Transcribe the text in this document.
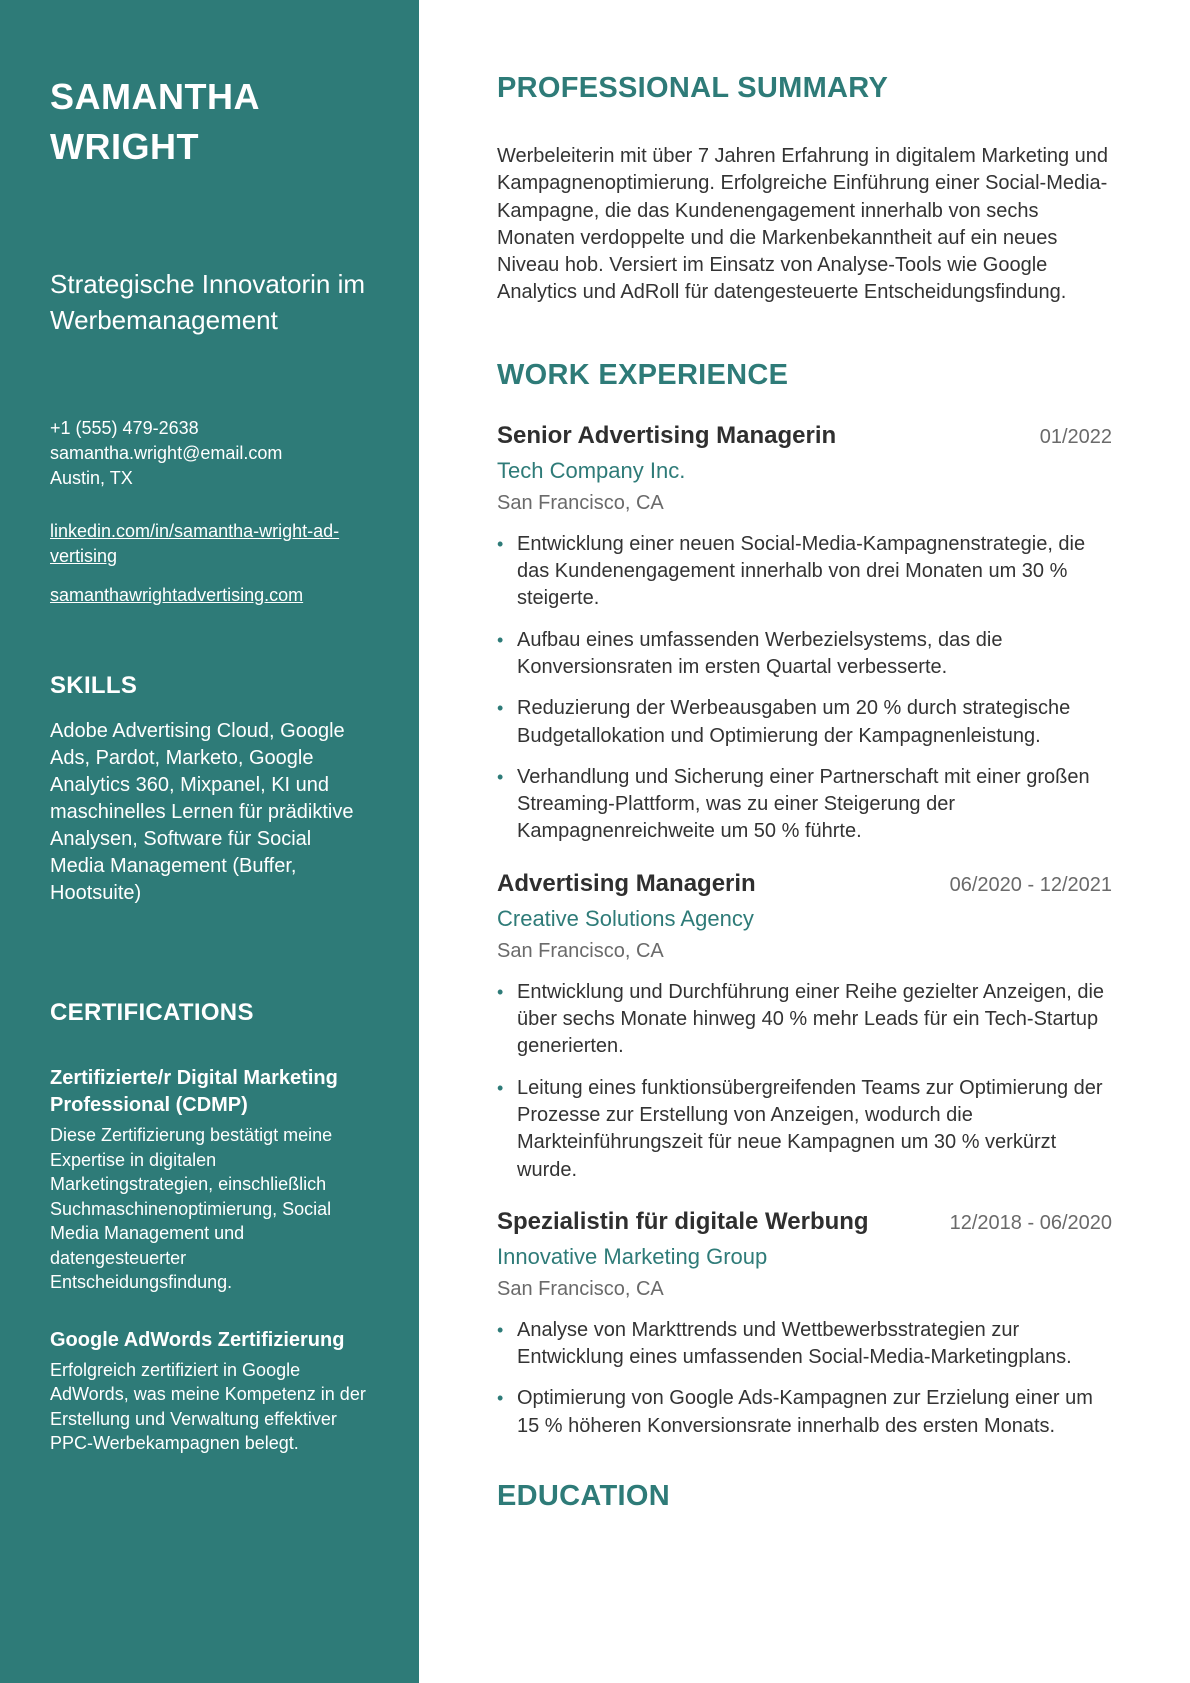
SAMANTHA WRIGHT
Strategische Innovatorin im Werbemanagement
+1 (555) 479-2638
samantha.wright@email.com
Austin, TX
linkedin.com/in/samantha-wright-ad-vertising
samanthawrightadvertising.com
SKILLS
Adobe Advertising Cloud, Google Ads, Pardot, Marketo, Google Analytics 360, Mixpanel, KI und maschinelles Lernen für prädiktive Analysen, Software für Social Media Management (Buffer, Hootsuite)
CERTIFICATIONS
Zertifizierte/r Digital Marketing Professional (CDMP)
Diese Zertifizierung bestätigt meine Expertise in digitalen Marketingstrategien, einschließlich Suchmaschinenoptimierung, Social Media Management und datengesteuerter Entscheidungsfindung.
Google AdWords Zertifizierung
Erfolgreich zertifiziert in Google AdWords, was meine Kompetenz in der Erstellung und Verwaltung effektiver PPC-Werbekampagnen belegt.
PROFESSIONAL SUMMARY
Werbeleiterin mit über 7 Jahren Erfahrung in digitalem Marketing und Kampagnenoptimierung. Erfolgreiche Einführung einer Social-Media-Kampagne, die das Kundenengagement innerhalb von sechs Monaten verdoppelte und die Markenbekanntheit auf ein neues Niveau hob. Versiert im Einsatz von Analyse-Tools wie Google Analytics und AdRoll für datengesteuerte Entscheidungsfindung.
WORK EXPERIENCE
Senior Advertising Managerin	01/2022
Tech Company Inc.
San Francisco, CA
• Entwicklung einer neuen Social-Media-Kampagnenstrategie, die das Kundenengagement innerhalb von drei Monaten um 30 % steigerte.
• Aufbau eines umfassenden Werbezielsystems, das die Konversionsraten im ersten Quartal verbesserte.
• Reduzierung der Werbeausgaben um 20 % durch strategische Budgetallokation und Optimierung der Kampagnenleistung.
• Verhandlung und Sicherung einer Partnerschaft mit einer großen Streaming-Plattform, was zu einer Steigerung der Kampagnenreichweite um 50 % führte.
Advertising Managerin	06/2020 - 12/2021
Creative Solutions Agency
San Francisco, CA
• Entwicklung und Durchführung einer Reihe gezielter Anzeigen, die über sechs Monate hinweg 40 % mehr Leads für ein Tech-Startup generierten.
• Leitung eines funktionsübergreifenden Teams zur Optimierung der Prozesse zur Erstellung von Anzeigen, wodurch die Markteinführungszeit für neue Kampagnen um 30 % verkürzt wurde.
Spezialistin für digitale Werbung	12/2018 - 06/2020
Innovative Marketing Group
San Francisco, CA
• Analyse von Markttrends und Wettbewerbsstrategien zur Entwicklung eines umfassenden Social-Media-Marketingplans.
• Optimierung von Google Ads-Kampagnen zur Erzielung einer um 15 % höheren Konversionsrate innerhalb des ersten Monats.
EDUCATION
